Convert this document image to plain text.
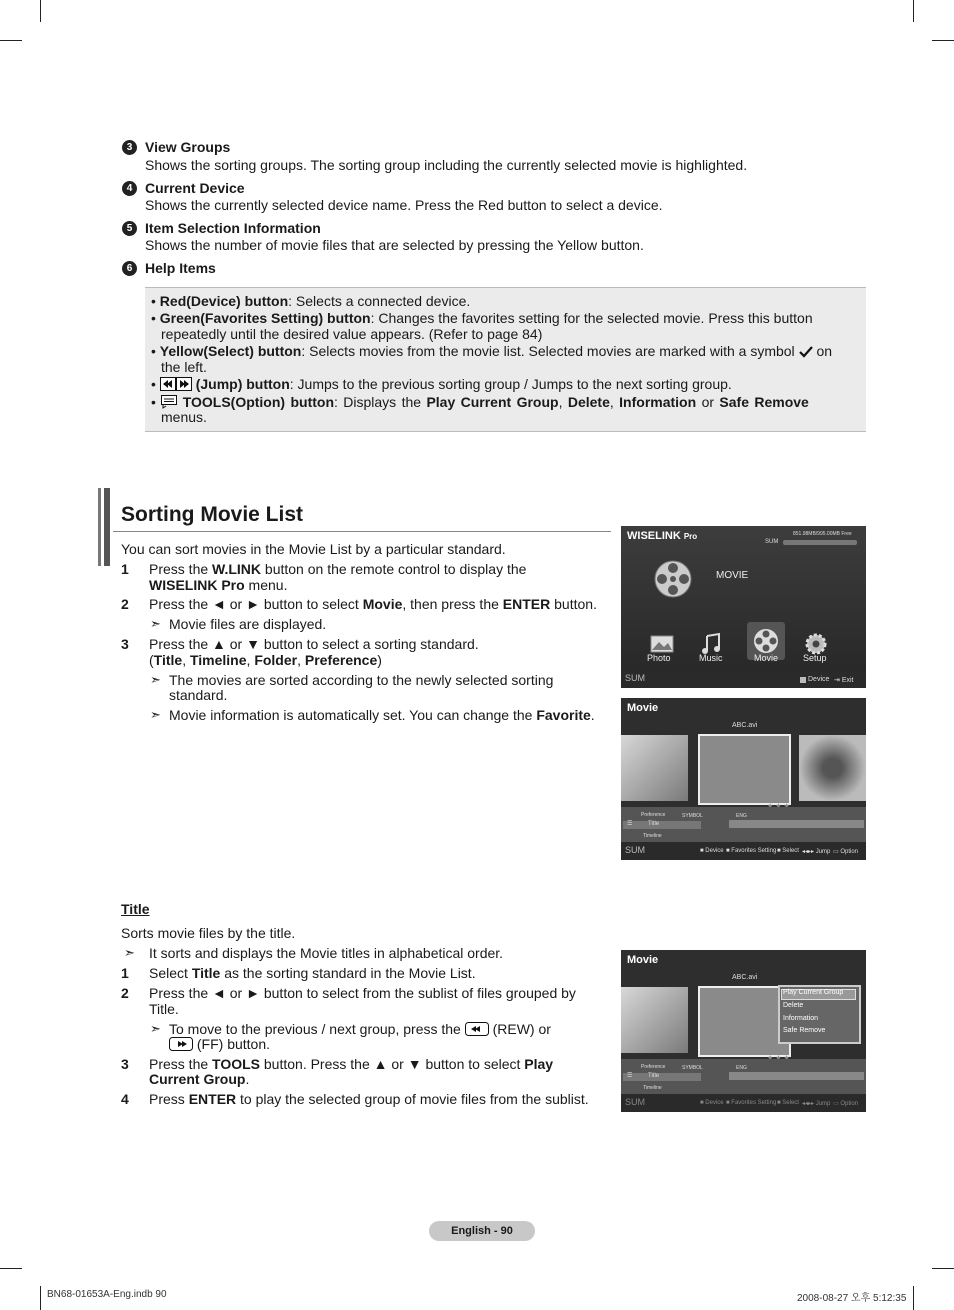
3 View Groups
Shows the sorting groups. The sorting group including the currently selected movie is highlighted.
4 Current Device
Shows the currently selected device name. Press the Red button to select a device.
5 Item Selection Information
Shows the number of movie files that are selected by pressing the Yellow button.
6 Help Items
• Red(Device) button: Selects a connected device.
• Green(Favorites Setting) button: Changes the favorites setting for the selected movie. Press this button
repeatedly until the desired value appears. (Refer to page 84)
• Yellow(Select) button: Selects movies from the movie list. Selected movies are marked with a symbol on
the left.
•	(Jump) button: Jumps to the previous sorting group / Jumps to the next sorting group.
•  TOOLS(Option) button: Displays the Play Current Group, Delete, Information or Safe Remove
menus.
Sorting Movie List
You can sort movies in the Movie List by a particular standard.
1 Press the W.LINK button on the remote control to display the
WISELINK Pro menu.
2 Press the ◄ or ► button to select Movie, then press the ENTER button.
➣ Movie files are displayed.
3 Press the ▲ or ▼ button to select a sorting standard.
(Title, Timeline, Folder, Preference)
➣ The movies are sorted according to the newly selected sorting
standard.
➣ Movie information is automatically set. You can change the Favorite.
WISELINK Pro	851.98MB/995.00MB Free
SUM
MOVIE
Photo	Music	Movie	Setup
SUM	Device ⇥ Exit
Movie
ABC.avi
Preference
☰	Title
Timeline
SYMBOL	ENG
SUM	■ Device ■ Favorites Setting ■ Select ◂◂▸▸ Jump ▭ Option
Title
Sorts movie files by the title.
➣ It sorts and displays the Movie titles in alphabetical order.
1 Select Title as the sorting standard in the Movie List.
2 Press the ◄ or ► button to select from the sublist of files grouped by
Title.
➣ To move to the previous / next group, press the (REW) or
(FF) button.
3 Press the TOOLS button. Press the ▲ or ▼ button to select Play
Current Group.
4 Press ENTER to play the selected group of movie files from the sublist.
Movie
ABC.avi
Play Current Group
Delete
Information
Safe Remove
Preference
☰	Title
Timeline
SYMBOL	ENG
SUM	■ Device ■ Favorites Setting ■ Select ◂◂▸▸ Jump ▭ Option
English - 90
BN68-01653A-Eng.indb 90	2008-08-27 오후 5:12:35
